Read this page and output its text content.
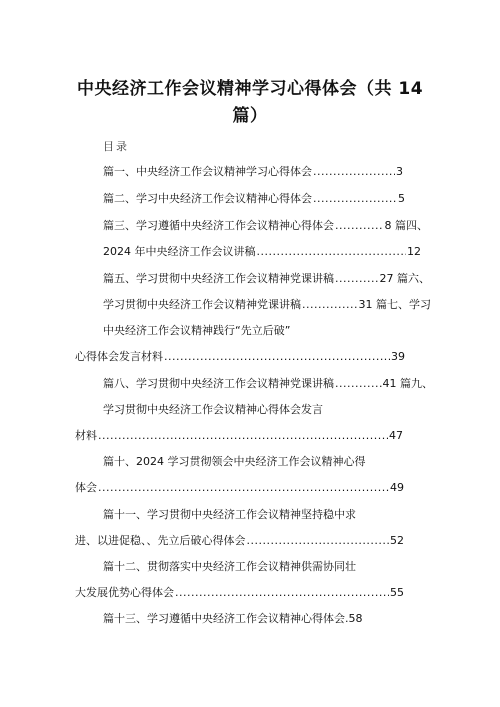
中央经济工作会议精神学习心得体会（共 14
篇）
目录
篇一、中央经济工作会议精神学习心得体会 .....	3
篇二、学习中央经济工作会议精神心得体会 .....	5
篇三、学习遵循中央经济工作会议精神心得体会 .....	8 篇四、
2024 年中央经济工作会议讲稿 .....	12
篇五、学习贯彻中央经济工作会议精神党课讲稿 .....	27 篇六、
学习贯彻中央经济工作会议精神党课讲稿 .....	31 篇七、学习
中央经济工作会议精神践行“先立后破”
心得体会发言材料 .....	39
篇八、学习贯彻中央经济工作会议精神党课讲稿 .....	41 篇九、
学习贯彻中央经济工作会议精神心得体会发言
材料 .....	47
篇十、2024 学习贯彻领会中央经济工作会议精神心得
体会 .....	49
篇十一、学习贯彻中央经济工作会议精神坚持稳中求
进、以进促稳、、先立后破心得体会 .....	52
篇十二、贯彻落实中央经济工作会议精神供需协同壮
大发展优势心得体会 .....	55
篇十三、学习遵循中央经济工作会议精神心得体会 . 58
